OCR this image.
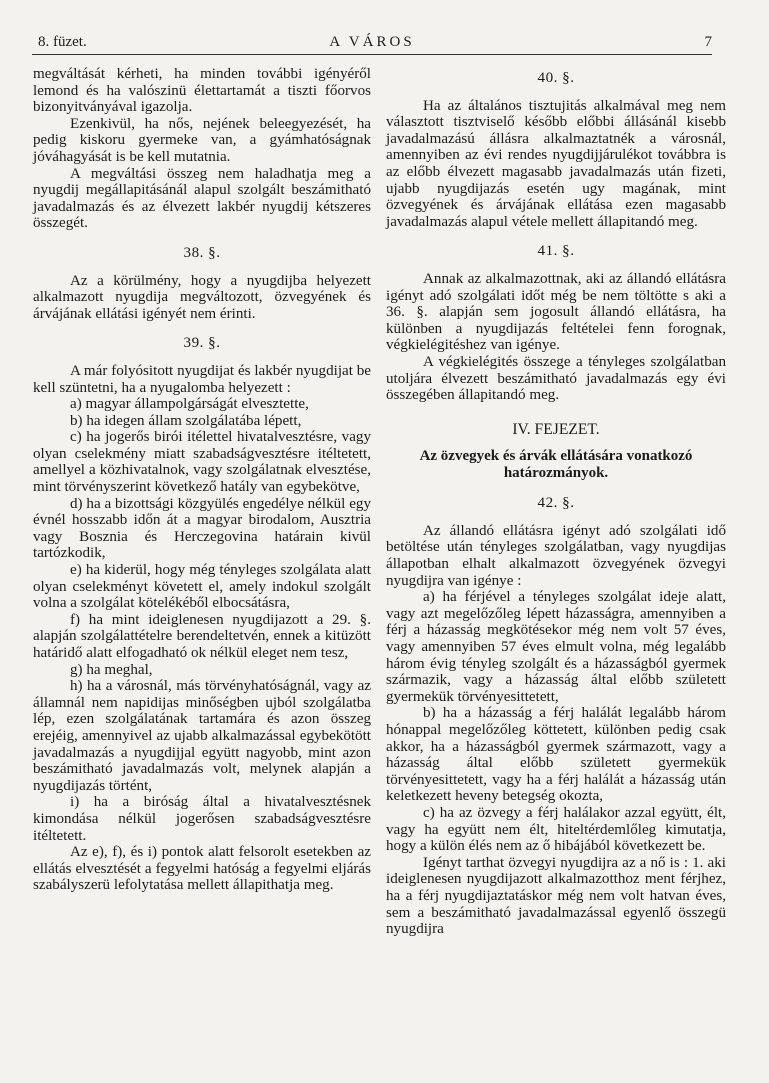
8. füzet.	A VÁROS	7

megváltását kérheti, ha minden további igényéről lemond és ha valószinü élettartamát a tiszti főorvos bizonyitványával igazolja.

Ezenkivül, ha nős, nejének beleegyezését, ha pedig kiskoru gyermeke van, a gyámhatóságnak jóváhagyását is be kell mutatnia.

A megváltási összeg nem haladhatja meg a nyugdij megállapitásánál alapul szolgált beszámitható javadalmazás és az élvezett lakbér nyugdij kétszeres összegét.

38. §.

Az a körülmény, hogy a nyugdijba helyezett alkalmazott nyugdija megváltozott, özvegyének és árvájának ellátási igényét nem érinti.

39. §.

A már folyósitott nyugdijat és lakbér nyugdijat be kell szüntetni, ha a nyugalomba helyezett :

a) magyar állampolgárságát elvesztette,

b) ha idegen állam szolgálatába lépett,

c) ha jogerős birói itélettel hivatalvesztésre, vagy olyan cselekmény miatt szabadságvesztésre itéltetett, amellyel a közhivatalnok, vagy szolgálatnak elvesztése, mint törvényszerint következő hatály van egybekötve,

d) ha a bizottsági közgyülés engedélye nélkül egy évnél hosszabb időn át a magyar birodalom, Ausztria vagy Bosznia és Herczegovina határain kivül tartózkodik,

e) ha kiderül, hogy még tényleges szolgálata alatt olyan cselekményt követett el, amely indokul szolgált volna a szolgálat kötelékéből elbocsátásra,

f) ha mint ideiglenesen nyugdijazott a 29. §. alapján szolgálattételre berendeltetvén, ennek a kitüzött határidő alatt elfogadható ok nélkül eleget nem tesz,

g) ha meghal,

h) ha a városnál, más törvényhatóságnál, vagy az államnál nem napidijas minőségben ujból szolgálatba lép, ezen szolgálatának tartamára és azon összeg erejéig, amennyivel az ujabb alkalmazással egybekötött javadalmazás a nyugdijjal együtt nagyobb, mint azon beszámitható javadalmazás volt, melynek alapján a nyugdijazás történt,

i) ha a biróság által a hivatalvesztésnek kimondása nélkül jogerősen szabadságvesztésre itéltetett.

Az e), f), és i) pontok alatt felsorolt esetekben az ellátás elvesztését a fegyelmi hatóság a fegyelmi eljárás szabályszerü lefolytatása mellett állapithatja meg.

40. §.

Ha az általános tisztujitás alkalmával meg nem választott tisztviselő később előbbi állásánál kisebb javadalmazású állásra alkalmaztatnék a városnál, amennyiben az évi rendes nyugdijjárulékot továbbra is az előbb élvezett magasabb javadalmazás után fizeti, ujabb nyugdijazás esetén ugy magának, mint özvegyének és árvájának ellátása ezen magasabb javadalmazás alapul vétele mellett állapitandó meg.

41. §.

Annak az alkalmazottnak, aki az állandó ellátásra igényt adó szolgálati időt még be nem töltötte s aki a 36. §. alapján sem jogosult állandó ellátásra, ha különben a nyugdijazás feltételei fenn forognak, végkielégitéshez van igénye.

A végkielégités összege a tényleges szolgálatban utoljára élvezett beszámitható javadalmazás egy évi összegében állapitandó meg.

IV. FEJEZET.
Az özvegyek és árvák ellátására vonatkozó határozmányok.
42. §.

Az állandó ellátásra igényt adó szolgálati idő betöltése után tényleges szolgálatban, vagy nyugdijas állapotban elhalt alkalmazott özvegyének özvegyi nyugdijra van igénye :

a) ha férjével a tényleges szolgálat ideje alatt, vagy azt megelőzőleg lépett házasságra, amennyiben a férj a házasság megkötésekor még nem volt 57 éves, vagy amennyiben 57 éves elmult volna, még legalább három évig tényleg szolgált és a házasságból gyermek származik, vagy a házasság által előbb született gyermekük törvényesittetett,

b) ha a házasság a férj halálát legalább három hónappal megelőzőleg köttetett, különben pedig csak akkor, ha a házasságból gyermek származott, vagy a házasság által előbb született gyermekük törvényesittetett, vagy ha a férj halálát a házasság után keletkezett heveny betegség okozta,

c) ha az özvegy a férj halálakor azzal együtt, élt, vagy ha együtt nem élt, hiteltérdemlőleg kimutatja, hogy a külön élés nem az ő hibájából következett be.

Igényt tarthat özvegyi nyugdijra az a nő is : 1. aki ideiglenesen nyugdijazott alkalmazotthoz ment férjhez, ha a férj nyugdijaztatáskor még nem volt hatvan éves, sem a beszámitható javadalmazással egyenlő összegü nyugdijra
